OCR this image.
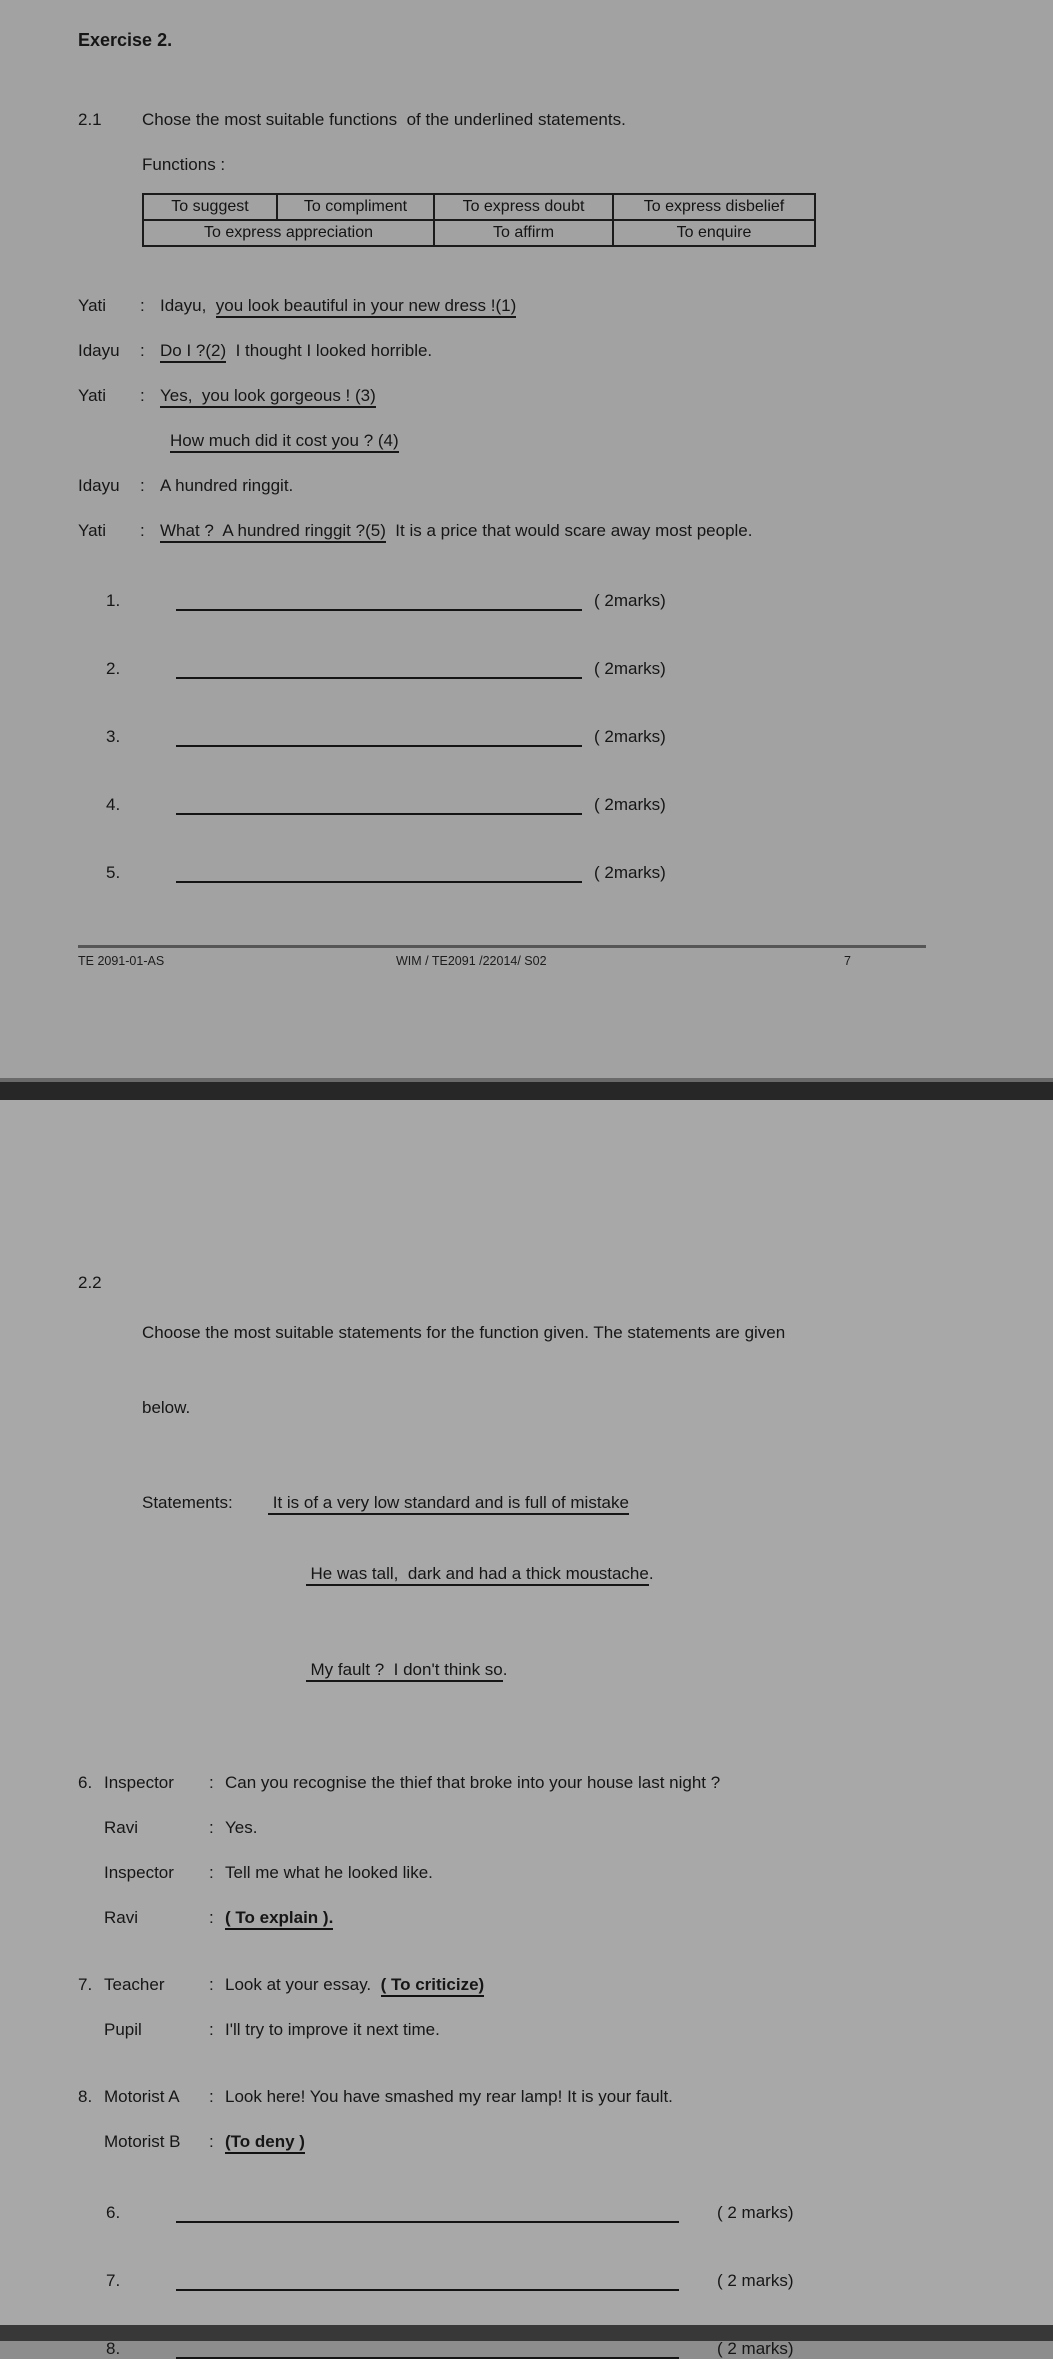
Exercise 2.
2.1	Chose the most suitable functions  of the underlined statements.
Functions :
To suggest	To compliment	To express doubt	To express disbelief
To express appreciation		To affirm	To enquire
Yati	: Idayu,  you look beautiful in your new dress !(1)
Idayu	: Do I ?(2)  I thought I looked horrible.
Yati	: Yes,  you look gorgeous ! (3)
How much did it cost you ? (4)
Idayu	: A hundred ringgit.
Yati	: What ?  A hundred ringgit ?(5)  It is a price that would scare away most people.
1.	( 2marks)
2.	( 2marks)
3.	( 2marks)
4.	( 2marks)
5.	( 2marks)
TE 2091-01-AS	WIM / TE2091 /22014/ S02	7
2.2

Choose the most suitable statements for the function given. The statements are given

below.

Statements:	It is of a very low standard and is full of mistake

He was tall,  dark and had a thick moustache.

My fault ?  I don't think so.

6. Inspector	: Can you recognise the thief that broke into your house last night ?
Ravi	: Yes.
Inspector	: Tell me what he looked like.
Ravi	: ( To explain ).
7. Teacher	: Look at your essay.  ( To criticize)
Pupil	: I'll try to improve it next time.
8. Motorist A	: Look here! You have smashed my rear lamp! It is your fault.
Motorist B	: (To deny )
6.	( 2 marks)
7.	( 2 marks)
8.	( 2 marks)
